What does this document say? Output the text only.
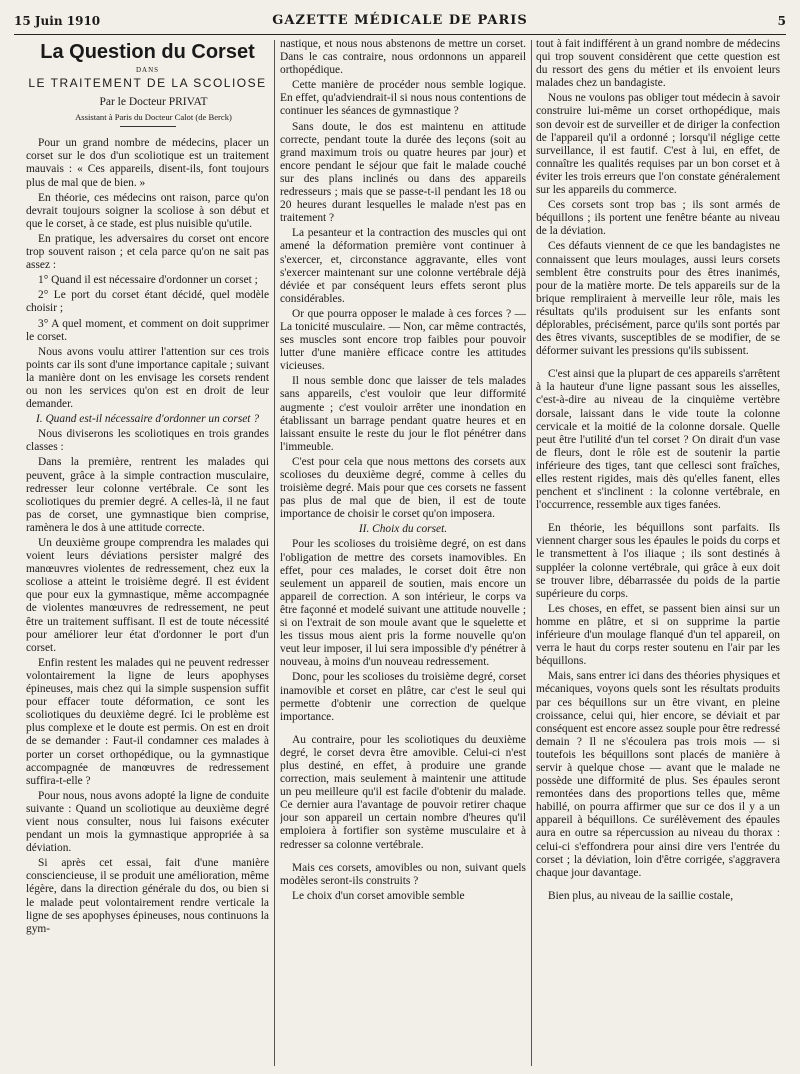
15 Juin 1910	GAZETTE MÉDICALE DE PARIS	5
La Question du Corset
DANS
LE TRAITEMENT DE LA SCOLIOSE

Par le Docteur PRIVAT

Assistant à Paris du Docteur Calot (de Berck)

Pour un grand nombre de médecins, placer un corset sur le dos d'un scoliotique est un traitement mauvais : « Ces appareils, disent-ils, font toujours plus de mal que de bien. »

En théorie, ces médecins ont raison, parce qu'on devrait toujours soigner la scoliose à son début et que le corset, à ce stade, est plus nuisible qu'utile.

En pratique, les adversaires du corset ont encore trop souvent raison ; et cela parce qu'on ne sait pas assez :

1° Quand il est nécessaire d'ordonner un corset ;

2° Le port du corset étant décidé, quel modèle choisir ;

3° A quel moment, et comment on doit supprimer le corset.

Nous avons voulu attirer l'attention sur ces trois points car ils sont d'une importance capitale ; suivant la manière dont on les envisage les corsets rendent ou non les services qu'on est en droit de leur demander.

I. Quand est-il nécessaire d'ordonner un corset ?

Nous diviserons les scoliotiques en trois grandes classes :

Dans la première, rentrent les malades qui peuvent, grâce à la simple contraction musculaire, redresser leur colonne vertébrale. Ce sont les scoliotiques du premier degré. A celles-là, il ne faut pas de corset, une gymnastique bien comprise, ramènera le dos à une attitude correcte.

Un deuxième groupe comprendra les malades qui voient leurs déviations persister malgré des manœuvres violentes de redressement, chez eux la scoliose a atteint le troisième degré. Il est évident que pour eux la gymnastique, même accompagnée de violentes manœuvres de redressement, ne peut être un traitement suffisant. Il est de toute nécessité pour améliorer leur état d'ordonner le port d'un corset.

Enfin restent les malades qui ne peuvent redresser volontairement la ligne de leurs apophyses épineuses, mais chez qui la simple suspension suffit pour effacer toute déformation, ce sont les scoliotiques du deuxième degré. Ici le problème est plus complexe et le doute est permis. On est en droit de se demander : Faut-il condamner ces malades à porter un corset orthopédique, ou la gymnastique accompagnée de manœuvres de redressement suffira-t-elle ?

Pour nous, nous avons adopté la ligne de conduite suivante : Quand un scoliotique au deuxième degré vient nous consulter, nous lui faisons exécuter pendant un mois la gymnastique appropriée à sa déviation.

Si après cet essai, fait d'une manière consciencieuse, il se produit une amélioration, même légère, dans la direction générale du dos, ou bien si le malade peut volontairement rendre verticale la ligne de ses apophyses épineuses, nous continuons la gym-

nastique, et nous nous abstenons de mettre un corset. Dans le cas contraire, nous ordonnons un appareil orthopédique.

Cette manière de procéder nous semble logique. En effet, qu'adviendrait-il si nous nous contentions de continuer les séances de gymnastique ?

Sans doute, le dos est maintenu en attitude correcte, pendant toute la durée des leçons (soit au grand maximum trois ou quatre heures par jour) et encore pendant le séjour que fait le malade couché sur des plans inclinés ou dans des appareils redresseurs ; mais que se passe-t-il pendant les 18 ou 20 heures durant lesquelles le malade n'est pas en traitement ?

La pesanteur et la contraction des muscles qui ont amené la déformation première vont continuer à s'exercer, et, circonstance aggravante, elles vont s'exercer maintenant sur une colonne vertébrale déjà déviée et par conséquent leurs effets seront plus considérables.

Or que pourra opposer le malade à ces forces ? — La tonicité musculaire. — Non, car même contractés, ses muscles sont encore trop faibles pour pouvoir lutter d'une manière efficace contre les attitudes vicieuses.

Il nous semble donc que laisser de tels malades sans appareils, c'est vouloir que leur difformité augmente ; c'est vouloir arrêter une inondation en établissant un barrage pendant quatre heures et en laissant ensuite le reste du jour le flot pénétrer dans l'immeuble.

C'est pour cela que nous mettons des corsets aux scolioses du deuxième degré, comme à celles du troisième degré. Mais pour que ces corsets ne fassent pas plus de mal que de bien, il est de toute importance de choisir le corset qu'on imposera.

II. Choix du corset.

Pour les scolioses du troisième degré, on est dans l'obligation de mettre des corsets inamovibles. En effet, pour ces malades, le corset doit être non seulement un appareil de soutien, mais encore un appareil de correction. A son intérieur, le corps va être façonné et modelé suivant une attitude nouvelle ; si on l'extrait de son moule avant que le squelette et les tissus mous aient pris la forme nouvelle qu'on veut leur imposer, il lui sera impossible d'y pénétrer à nouveau, à moins d'un nouveau redressement.

Donc, pour les scolioses du troisième degré, corset inamovible et corset en plâtre, car c'est le seul qui permette d'obtenir une correction de quelque importance.

Au contraire, pour les scoliotiques du deuxième degré, le corset devra être amovible. Celui-ci n'est plus destiné, en effet, à produire une grande correction, mais seulement à maintenir une attitude un peu meilleure qu'il est facile d'obtenir du malade. Ce dernier aura l'avantage de pouvoir retirer chaque jour son appareil un certain nombre d'heures qu'il emploiera à fortifier son système musculaire et à redresser sa colonne vertébrale.

Mais ces corsets, amovibles ou non, suivant quels modèles seront-ils construits ?

Le choix d'un corset amovible semble

tout à fait indifférent à un grand nombre de médecins qui trop souvent considèrent que cette question est du ressort des gens du métier et ils envoient leurs malades chez un bandagiste.

Nous ne voulons pas obliger tout médecin à savoir construire lui-même un corset orthopédique, mais son devoir est de surveiller et de diriger la confection de l'appareil qu'il a ordonné ; lorsqu'il néglige cette surveillance, il est fautif. C'est à lui, en effet, de connaître les qualités requises par un bon corset et à éviter les trois erreurs que l'on constate généralement sur les appareils du commerce.

Ces corsets sont trop bas ; ils sont armés de béquillons ; ils portent une fenêtre béante au niveau de la déviation.

Ces défauts viennent de ce que les bandagistes ne connaissent que leurs moulages, aussi leurs corsets semblent être construits pour des êtres inanimés, pour de la matière morte. De tels appareils sur de la brique rempliraient à merveille leur rôle, mais les résultats qu'ils produisent sur les enfants sont déplorables, précisément, parce qu'ils sont portés par des êtres vivants, susceptibles de se modifier, de se déformer suivant les pressions qu'ils subissent.

C'est ainsi que la plupart de ces appareils s'arrêtent à la hauteur d'une ligne passant sous les aisselles, c'est-à-dire au niveau de la cinquième vertèbre dorsale, laissant dans le vide toute la colonne cervicale et la moitié de la colonne dorsale. Quelle peut être l'utilité d'un tel corset ? On dirait d'un vase de fleurs, dont le rôle est de soutenir la partie inférieure des tiges, tant que cellesci sont fraîches, elles restent rigides, mais dès qu'elles fanent, elles penchent et s'inclinent : la colonne vertébrale, en l'occurrence, ressemble aux tiges fanées.

En théorie, les béquillons sont parfaits. Ils viennent charger sous les épaules le poids du corps et le transmettent à l'os iliaque ; ils sont destinés à suppléer la colonne vertébrale, qui grâce à eux doit se trouver libre, débarrassée du poids de la partie supérieure du corps.

Les choses, en effet, se passent bien ainsi sur un homme en plâtre, et si on supprime la partie inférieure d'un moulage flanqué d'un tel appareil, on verra le haut du corps rester soutenu en l'air par les béquillons.

Mais, sans entrer ici dans des théories physiques et mécaniques, voyons quels sont les résultats produits par ces béquillons sur un être vivant, en pleine croissance, celui qui, hier encore, se déviait et par conséquent est encore assez souple pour être redressé demain ? Il ne s'écoulera pas trois mois — si toutefois les béquillons sont placés de manière à servir à quelque chose — avant que le malade ne possède une difformité de plus. Ses épaules seront remontées dans des proportions telles que, même habillé, on pourra affirmer que sur ce dos il y a un appareil à béquillons. Ce surélèvement des épaules aura en outre sa répercussion au niveau du thorax : celui-ci s'effondrera pour ainsi dire vers l'entrée du corset ; la déviation, loin d'être corrigée, s'aggravera chaque jour davantage.

Bien plus, au niveau de la saillie costale,
